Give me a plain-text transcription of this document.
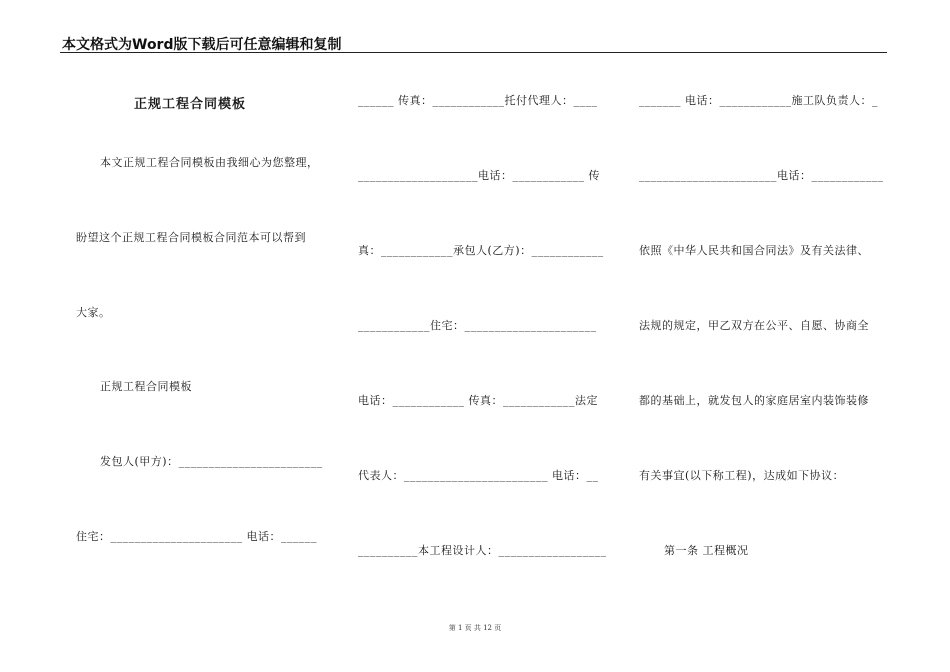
本文格式为Word版下载后可任意编辑和复制
正规工程合同模板
本文正规工程合同模板由我细心为您整理，
盼望这个正规工程合同模板合同范本可以帮到
大家。
正规工程合同模板
发包人(甲方)：________________________
住宅：______________________ 电话：______
______ 传真：____________托付代理人：____
____________________电话：____________ 传
真：____________承包人(乙方)：____________
____________住宅：______________________
电话：____________ 传真：____________法定
代表人：________________________ 电话：__
__________本工程设计人：__________________
_______ 电话：____________施工队负责人：_
_______________________电话：____________
依照《中华人民共和国合同法》及有关法律、
法规的规定，甲乙双方在公平、自愿、协商全
都的基础上，就发包人的家庭居室内装饰装修
有关事宜(以下称工程)，达成如下协议：
第一条 工程概况
第 1 页 共 12 页
